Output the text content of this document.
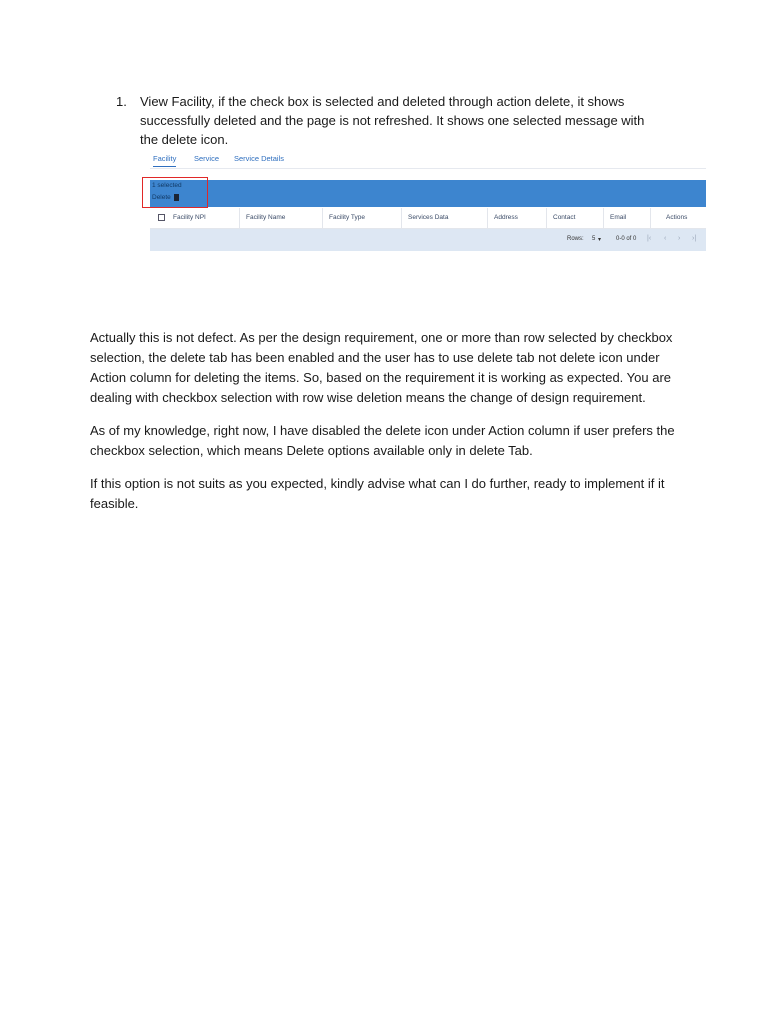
1. View Facility, if the check box is selected and deleted through action delete, it shows successfully deleted and the page is not refreshed. It shows one selected message with the delete icon.
Facility Service Service Details
1 selected
Delete
Facility NPI	Facility Name	Facility Type	Services Data	Address	Contact	Email	Actions
Rows: 5 ▾ 0-0 of 0 |‹ ‹ › ›|

Actually this is not defect. As per the design requirement, one or more than row selected by checkbox selection, the delete tab has been enabled and the user has to use delete tab not delete icon under Action column for deleting the items. So, based on the requirement it is working as expected. You are dealing with checkbox selection with row wise deletion means the change of design requirement.

As of my knowledge, right now, I have disabled the delete icon under Action column if user prefers the checkbox selection, which means Delete options available only in delete Tab.

If this option is not suits as you expected, kindly advise what can I do further, ready to implement if it feasible.
